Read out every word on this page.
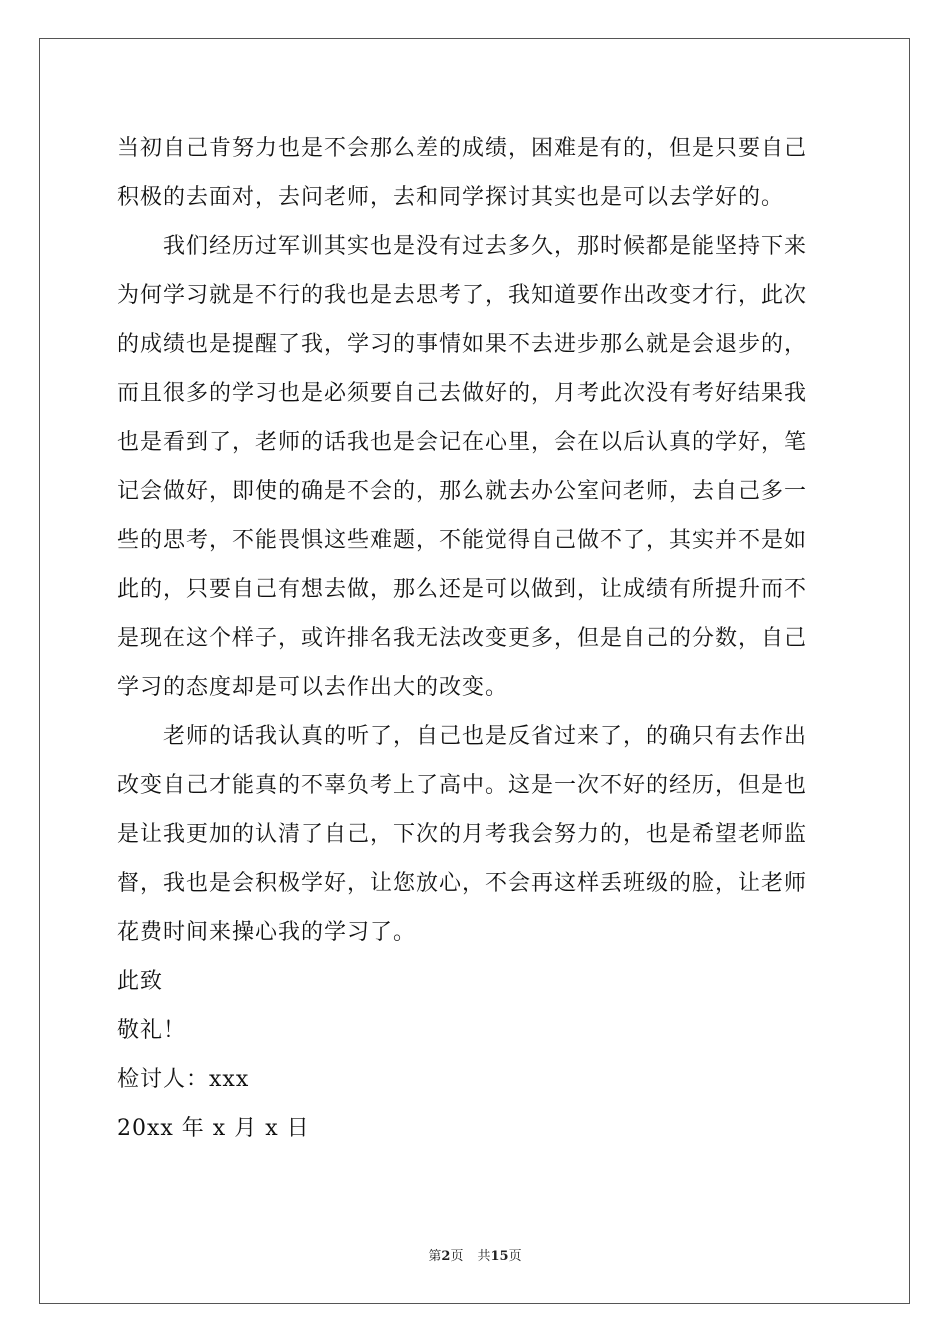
当初自己肯努力也是不会那么差的成绩，困难是有的，但是只要自己
积极的去面对，去问老师，去和同学探讨其实也是可以去学好的。

我们经历过军训其实也是没有过去多久，那时候都是能坚持下来
为何学习就是不行的我也是去思考了，我知道要作出改变才行，此次
的成绩也是提醒了我，学习的事情如果不去进步那么就是会退步的，
而且很多的学习也是必须要自己去做好的，月考此次没有考好结果我
也是看到了，老师的话我也是会记在心里，会在以后认真的学好，笔
记会做好，即使的确是不会的，那么就去办公室问老师，去自己多一
些的思考，不能畏惧这些难题，不能觉得自己做不了，其实并不是如
此的，只要自己有想去做，那么还是可以做到，让成绩有所提升而不
是现在这个样子，或许排名我无法改变更多，但是自己的分数，自己
学习的态度却是可以去作出大的改变。

老师的话我认真的听了，自己也是反省过来了，的确只有去作出
改变自己才能真的不辜负考上了高中。这是一次不好的经历，但是也
是让我更加的认清了自己，下次的月考我会努力的，也是希望老师监
督，我也是会积极学好，让您放心，不会再这样丢班级的脸，让老师
花费时间来操心我的学习了。

此致

敬礼！

检讨人：xxx

20xx 年 x 月 x 日

第2页 共15页
